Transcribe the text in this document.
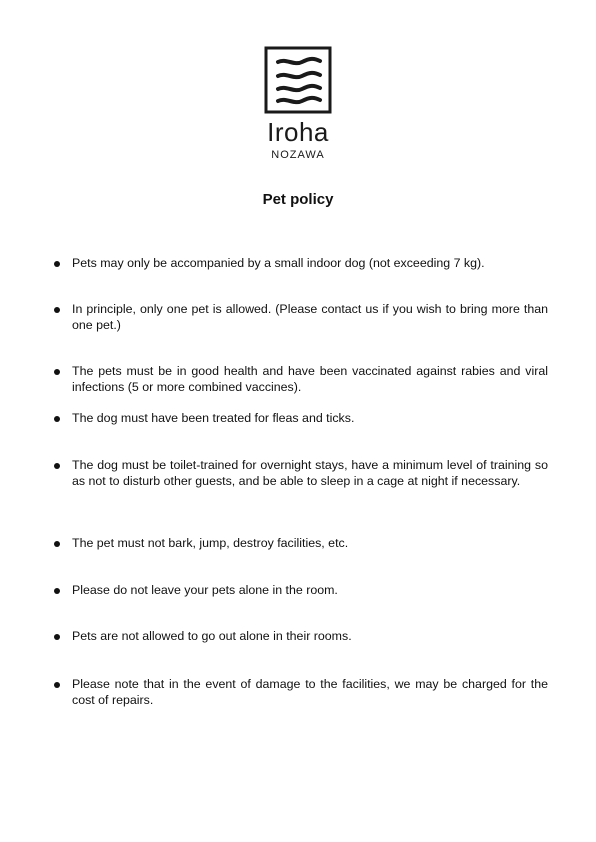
Iroha
NOZAWA
Pet policy
Pets may only be accompanied by a small indoor dog (not exceeding 7 kg).
In principle, only one pet is allowed. (Please contact us if you wish to bring more than one pet.)
The pets must be in good health and have been vaccinated against rabies and viral infections (5 or more combined vaccines).
The dog must have been treated for fleas and ticks.
The dog must be toilet-trained for overnight stays, have a minimum level of training so as not to disturb other guests, and be able to sleep in a cage at night if necessary.
The pet must not bark, jump, destroy facilities, etc.
Please do not leave your pets alone in the room.
Pets are not allowed to go out alone in their rooms.
Please note that in the event of damage to the facilities, we may be charged for the cost of repairs.
